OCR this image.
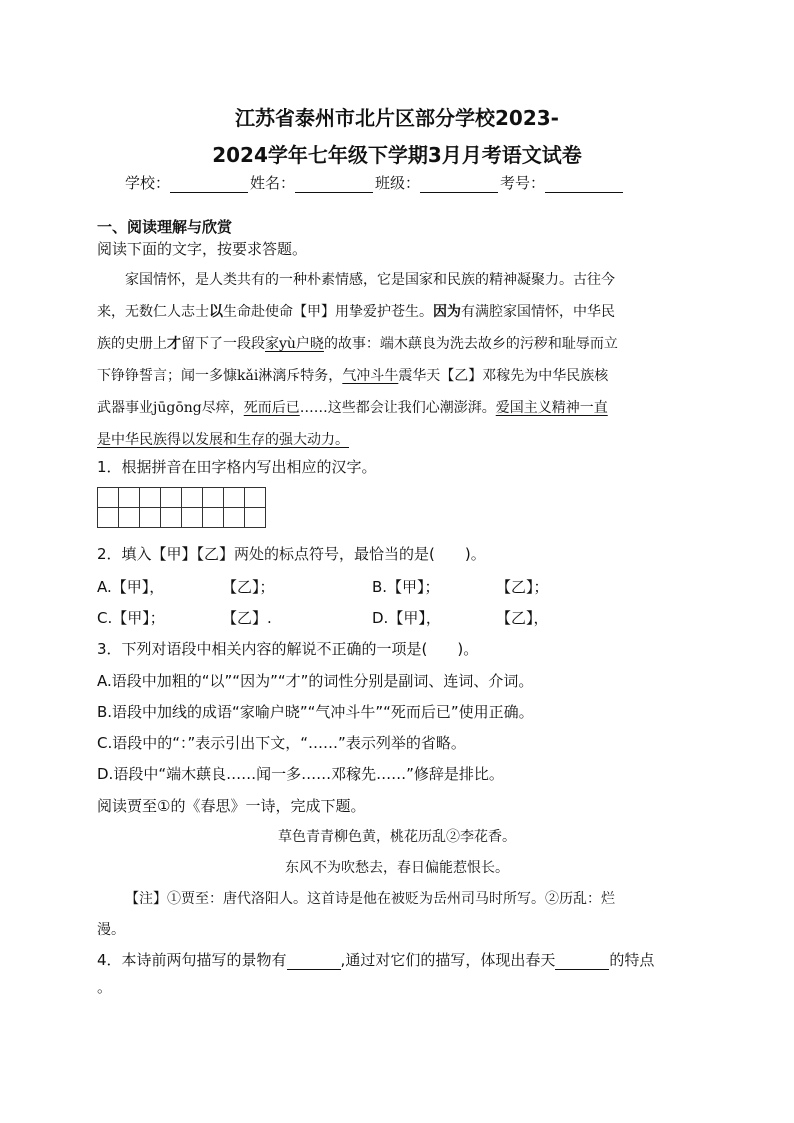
江苏省泰州市北片区部分学校2023-
2024学年七年级下学期3月月考语文试卷
学校：	姓名：	班级：	考号：
一、阅读理解与欣赏
阅读下面的文字，按要求答题。
家国情怀，是人类共有的一种朴素情感，它是国家和民族的精神凝聚力。古往今
来，无数仁人志士以生命赴使命【甲】用挚爱护苍生。因为有满腔家国情怀，中华民
族的史册上才留下了一段段家yù户晓的故事：端木蕻良为洗去故乡的污秽和耻辱而立
下铮铮誓言；闻一多慷kǎi淋漓斥特务，气冲斗牛震华天【乙】邓稼先为中华民族核
武器事业jūgōng尽瘁，死而后已……这些都会让我们心潮澎湃。爱国主义精神一直
是中华民族得以发展和生存的强大动力。
1．根据拼音在田字格内写出相应的汉字。

2．填入【甲】【乙】两处的标点符号，最恰当的是(　　)。
A.【甲】，	【乙】；	B.【甲】；	【乙】；
C.【甲】；	【乙】.	D.【甲】，	【乙】，
3．下列对语段中相关内容的解说不正确的一项是(　　)。
A.语段中加粗的“以”“因为”“才”的词性分别是副词、连词、介词。
B.语段中加线的成语“家喻户晓”“气冲斗牛”“死而后已”使用正确。
C.语段中的“：”表示引出下文，“……”表示列举的省略。
D.语段中“端木蕻良……闻一多……邓稼先……”修辞是排比。
阅读贾至①的《春思》一诗，完成下题。
草色青青柳色黄，桃花历乱②李花香。
东风不为吹愁去，春日偏能惹恨长。
【注】①贾至：唐代洛阳人。这首诗是他在被贬为岳州司马时所写。②历乱：烂
漫。
4．本诗前两句描写的景物有	,通过对它们的描写，体现出春天	的特点
。
